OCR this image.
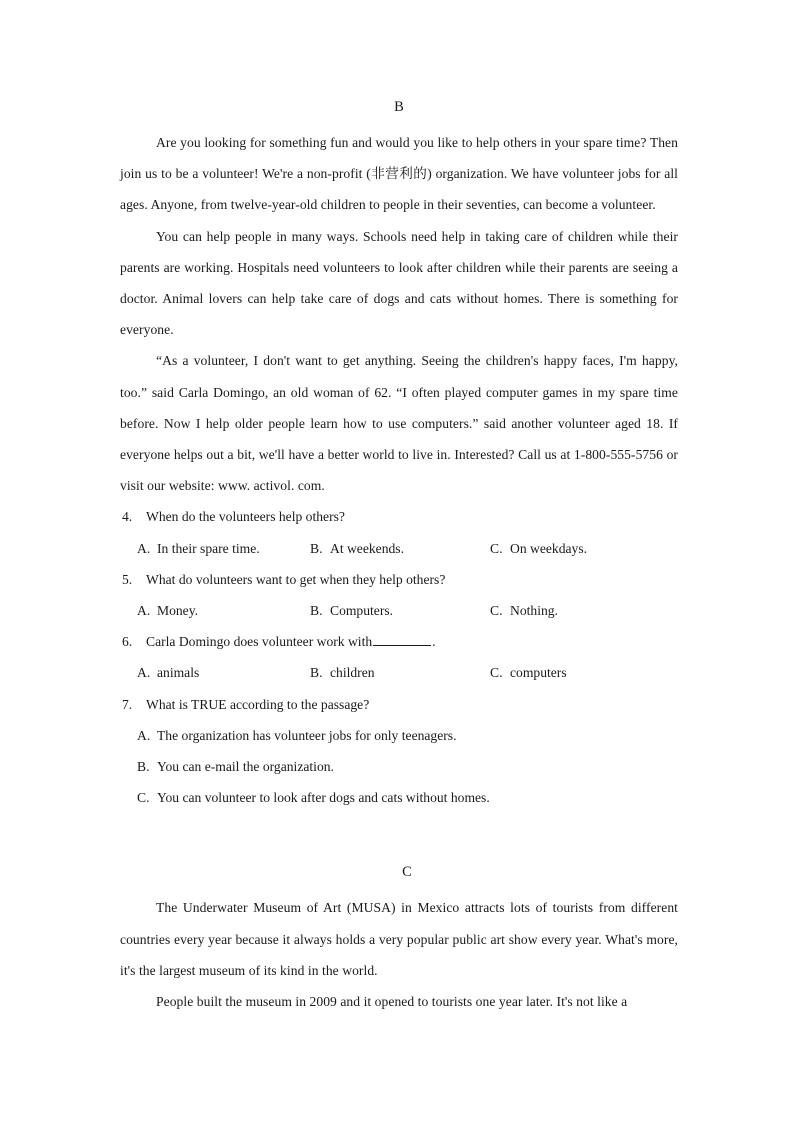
B

Are you looking for something fun and would you like to help others in your spare time? Then join us to be a volunteer! We're a non-profit (非营利的) organization. We have volunteer jobs for all ages. Anyone, from twelve-year-old children to people in their seventies, can become a volunteer.

You can help people in many ways. Schools need help in taking care of children while their parents are working. Hospitals need volunteers to look after children while their parents are seeing a doctor. Animal lovers can help take care of dogs and cats without homes. There is something for everyone.

“As a volunteer, I don't want to get anything. Seeing the children's happy faces, I'm happy, too.” said Carla Domingo, an old woman of 62. “I often played computer games in my spare time before. Now I help older people learn how to use computers.” said another volunteer aged 18. If everyone helps out a bit, we'll have a better world to live in. Interested? Call us at 1-800-555-5756 or visit our website: www. activol. com.

4. When do the volunteers help others?
A. In their spare time.	B. At weekends.	C. On weekdays.
5. What do volunteers want to get when they help others?
A. Money.	B. Computers.	C. Nothing.
6. Carla Domingo does volunteer work with	.
A. animals	B. children	C. computers
7. What is TRUE according to the passage?
A. The organization has volunteer jobs for only teenagers.
B. You can e-mail the organization.
C. You can volunteer to look after dogs and cats without homes.
C

The Underwater Museum of Art (MUSA) in Mexico attracts lots of tourists from different countries every year because it always holds a very popular public art show every year. What's more, it's the largest museum of its kind in the world.

People built the museum in 2009 and it opened to tourists one year later. It's not like a
